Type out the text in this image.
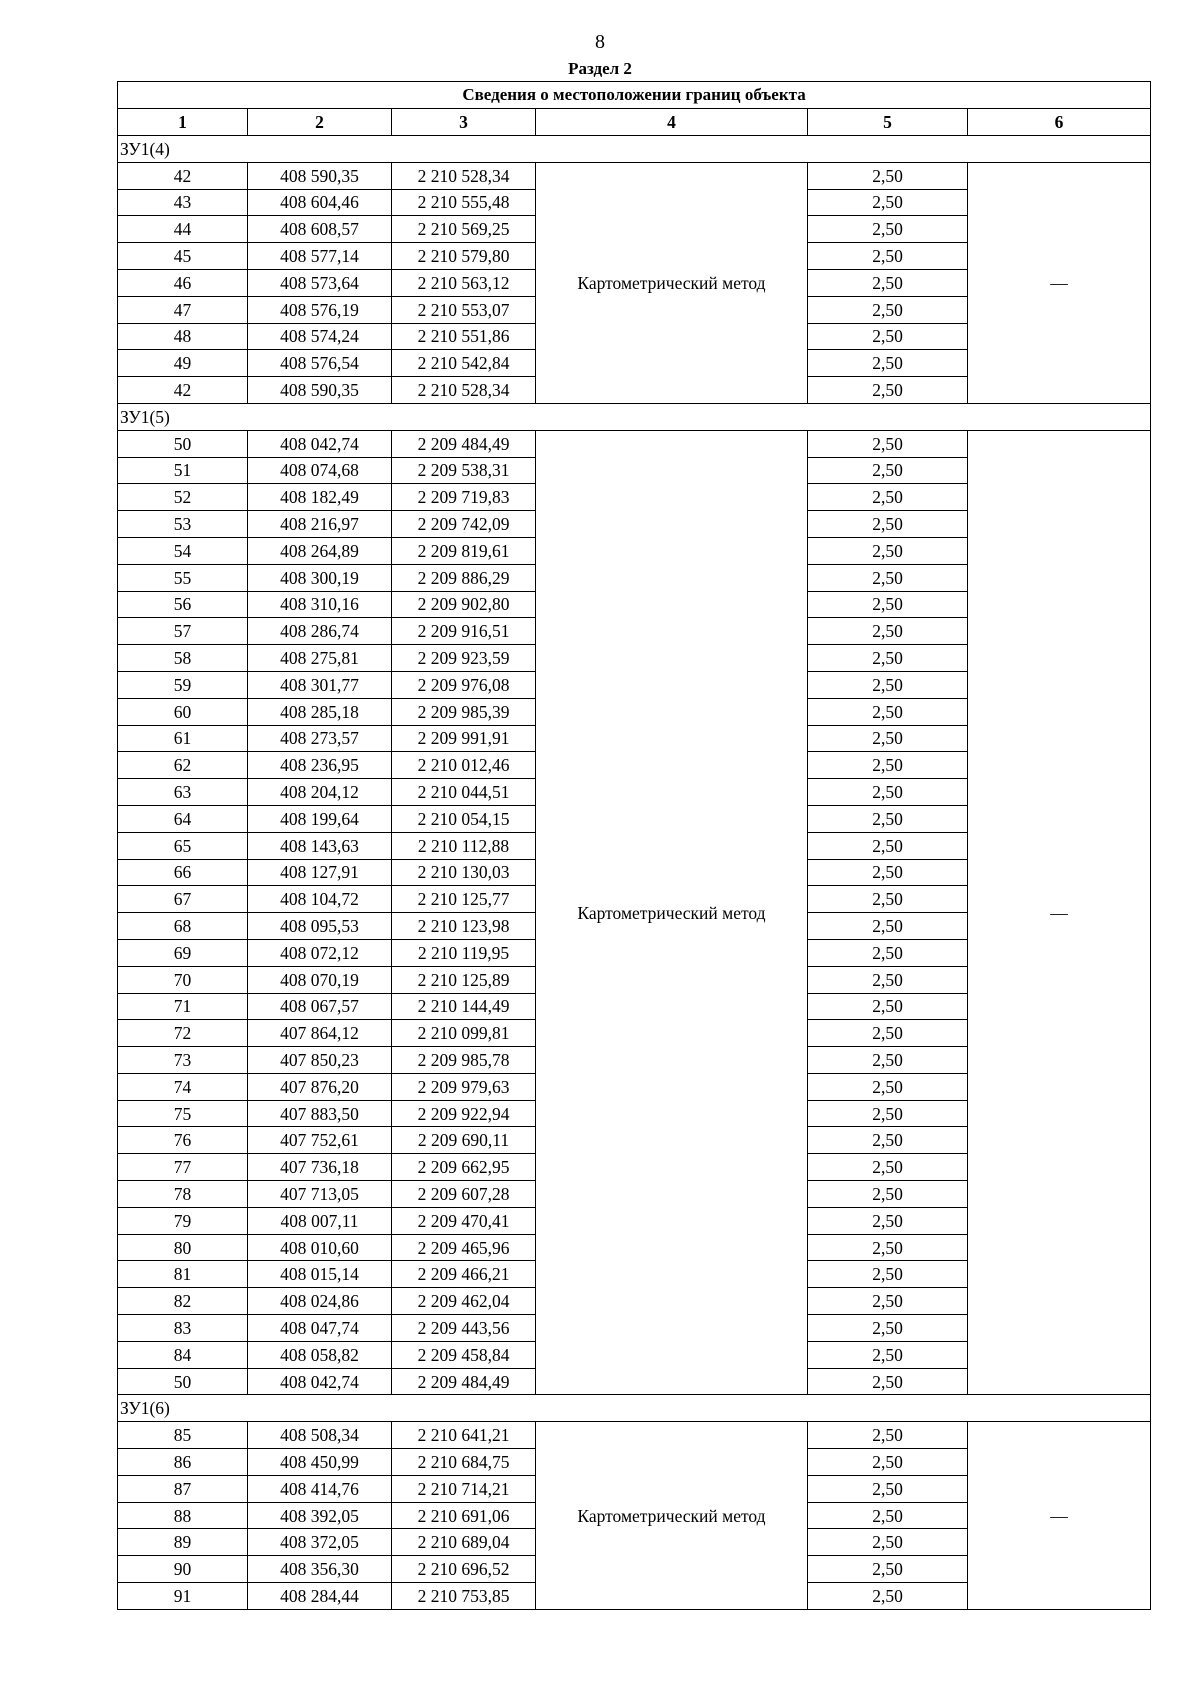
8
Раздел 2
Сведения о местоположении границ объекта					
1	2	3	4	5	6
ЗУ1(4)					
42	408 590,35	2 210 528,34	Картометрический метод	2,50	—
43	408 604,46	2 210 555,48		2,50	
44	408 608,57	2 210 569,25		2,50	
45	408 577,14	2 210 579,80		2,50	
46	408 573,64	2 210 563,12		2,50	
47	408 576,19	2 210 553,07		2,50	
48	408 574,24	2 210 551,86		2,50	
49	408 576,54	2 210 542,84		2,50	
42	408 590,35	2 210 528,34		2,50	
ЗУ1(5)					
50	408 042,74	2 209 484,49	Картометрический метод	2,50	—
51	408 074,68	2 209 538,31		2,50	
52	408 182,49	2 209 719,83		2,50	
53	408 216,97	2 209 742,09		2,50	
54	408 264,89	2 209 819,61		2,50	
55	408 300,19	2 209 886,29		2,50	
56	408 310,16	2 209 902,80		2,50	
57	408 286,74	2 209 916,51		2,50	
58	408 275,81	2 209 923,59		2,50	
59	408 301,77	2 209 976,08		2,50	
60	408 285,18	2 209 985,39		2,50	
61	408 273,57	2 209 991,91		2,50	
62	408 236,95	2 210 012,46		2,50	
63	408 204,12	2 210 044,51		2,50	
64	408 199,64	2 210 054,15		2,50	
65	408 143,63	2 210 112,88		2,50	
66	408 127,91	2 210 130,03		2,50	
67	408 104,72	2 210 125,77		2,50	
68	408 095,53	2 210 123,98		2,50	
69	408 072,12	2 210 119,95		2,50	
70	408 070,19	2 210 125,89		2,50	
71	408 067,57	2 210 144,49		2,50	
72	407 864,12	2 210 099,81		2,50	
73	407 850,23	2 209 985,78		2,50	
74	407 876,20	2 209 979,63		2,50	
75	407 883,50	2 209 922,94		2,50	
76	407 752,61	2 209 690,11		2,50	
77	407 736,18	2 209 662,95		2,50	
78	407 713,05	2 209 607,28		2,50	
79	408 007,11	2 209 470,41		2,50	
80	408 010,60	2 209 465,96		2,50	
81	408 015,14	2 209 466,21		2,50	
82	408 024,86	2 209 462,04		2,50	
83	408 047,74	2 209 443,56		2,50	
84	408 058,82	2 209 458,84		2,50	
50	408 042,74	2 209 484,49		2,50	
ЗУ1(6)					
85	408 508,34	2 210 641,21	Картометрический метод	2,50	—
86	408 450,99	2 210 684,75		2,50	
87	408 414,76	2 210 714,21		2,50	
88	408 392,05	2 210 691,06		2,50	
89	408 372,05	2 210 689,04		2,50	
90	408 356,30	2 210 696,52		2,50	
91	408 284,44	2 210 753,85		2,50	
